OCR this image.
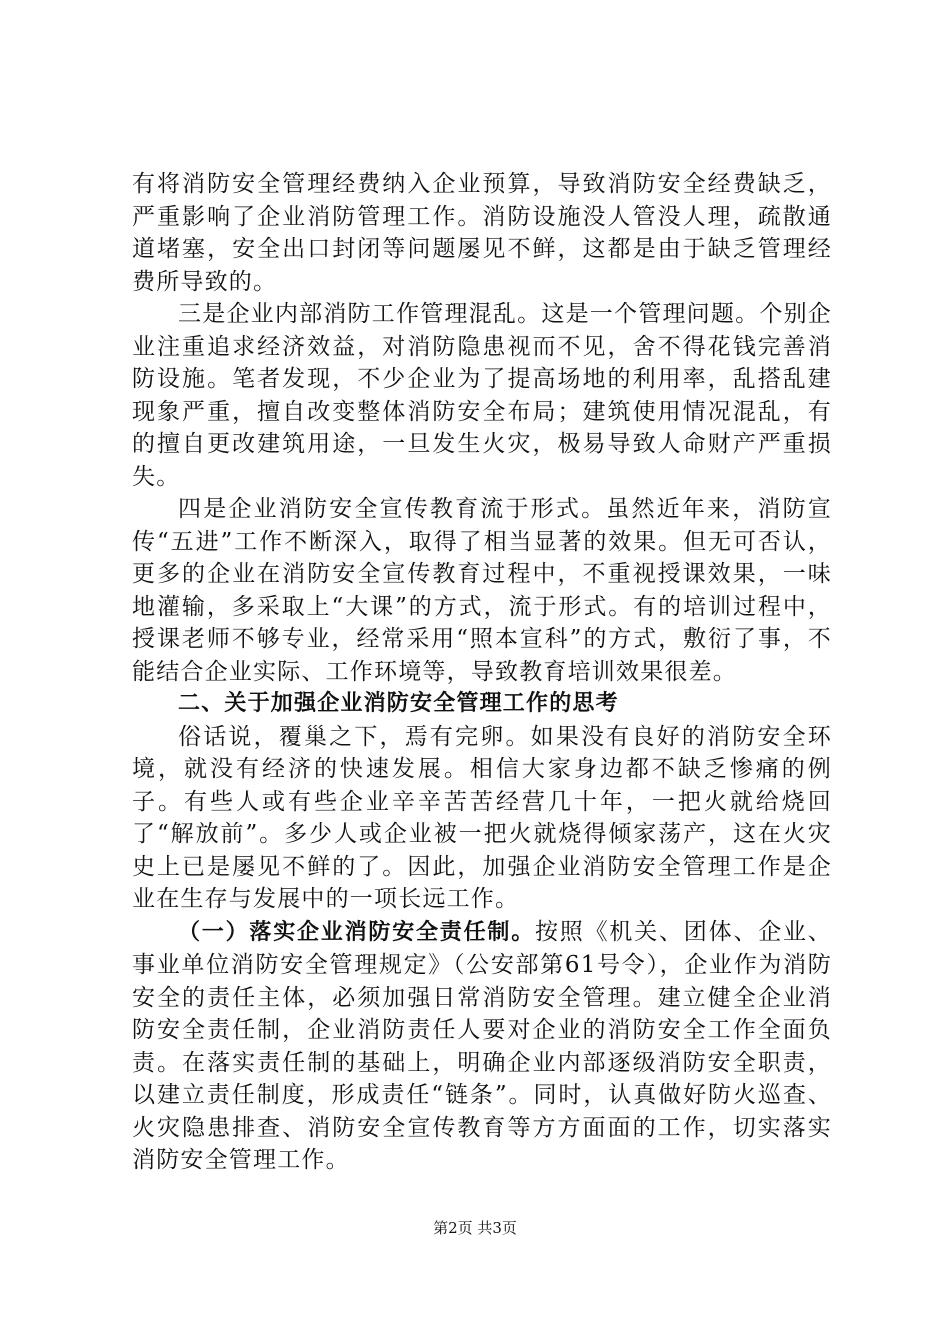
有将消防安全管理经费纳入企业预算，导致消防安全经费缺乏，严重影响了企业消防管理工作。消防设施没人管没人理，疏散通道堵塞，安全出口封闭等问题屡见不鲜，这都是由于缺乏管理经费所导致的。

三是企业内部消防工作管理混乱。这是一个管理问题。个别企业注重追求经济效益，对消防隐患视而不见，舍不得花钱完善消防设施。笔者发现，不少企业为了提高场地的利用率，乱搭乱建现象严重，擅自改变整体消防安全布局；建筑使用情况混乱，有的擅自更改建筑用途，一旦发生火灾，极易导致人命财产严重损失。

四是企业消防安全宣传教育流于形式。虽然近年来，消防宣传“五进”工作不断深入，取得了相当显著的效果。但无可否认，更多的企业在消防安全宣传教育过程中，不重视授课效果，一味地灌输，多采取上“大课”的方式，流于形式。有的培训过程中，授课老师不够专业，经常采用“照本宣科”的方式，敷衍了事，不能结合企业实际、工作环境等，导致教育培训效果很差。

二、关于加强企业消防安全管理工作的思考

俗话说，覆巢之下，焉有完卵。如果没有良好的消防安全环境，就没有经济的快速发展。相信大家身边都不缺乏惨痛的例子。有些人或有些企业辛辛苦苦经营几十年，一把火就给烧回了“解放前”。多少人或企业被一把火就烧得倾家荡产，这在火灾史上已是屡见不鲜的了。因此，加强企业消防安全管理工作是企业在生存与发展中的一项长远工作。

（一）落实企业消防安全责任制。按照《机关、团体、企业、事业单位消防安全管理规定》（公安部第61号令），企业作为消防安全的责任主体，必须加强日常消防安全管理。建立健全企业消防安全责任制，企业消防责任人要对企业的消防安全工作全面负责。在落实责任制的基础上，明确企业内部逐级消防安全职责，以建立责任制度，形成责任“链条”。同时，认真做好防火巡查、火灾隐患排查、消防安全宣传教育等方方面面的工作，切实落实消防安全管理工作。

第2页 共3页
